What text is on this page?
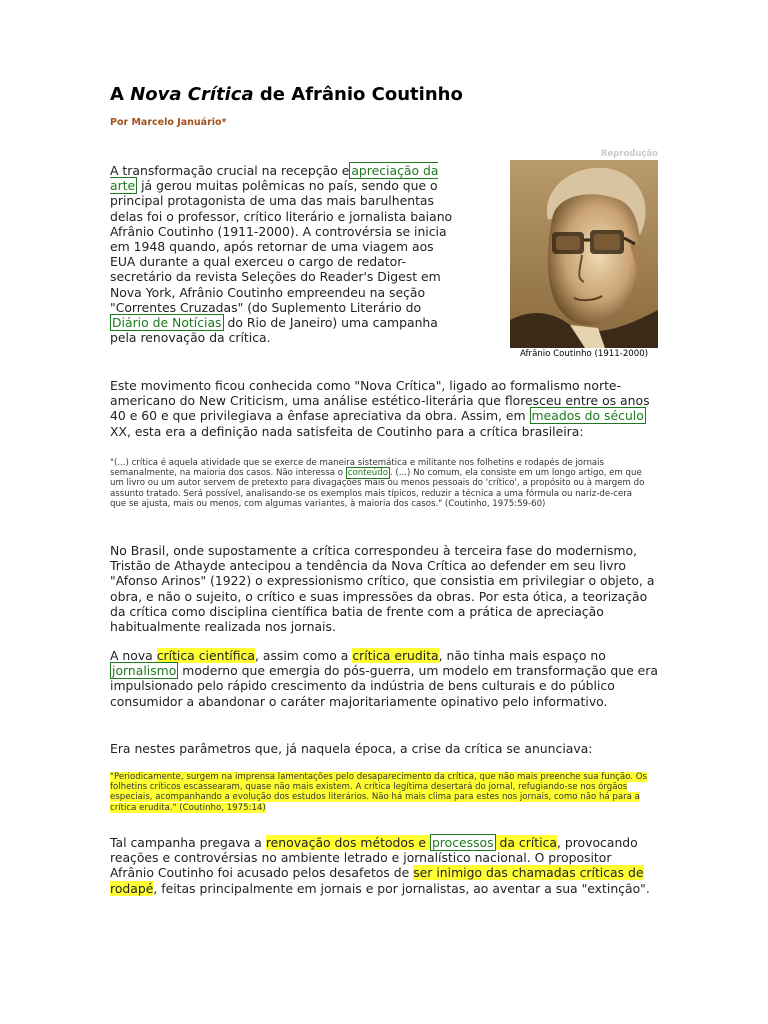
A Nova Crítica de Afrânio Coutinho
Por Marcelo Januário*
Reprodução
Afrânio Coutinho (1911-2000)

A transformação crucial na recepção e apreciação da arte já gerou muitas polêmicas no país, sendo que o principal protagonista de uma das mais barulhentas delas foi o professor, crítico literário e jornalista baiano Afrânio Coutinho (1911-2000). A controvérsia se inicia em 1948 quando, após retornar de uma viagem aos EUA durante a qual exerceu o cargo de redator-secretário da revista Seleções do Reader's Digest em Nova York, Afrânio Coutinho empreendeu na seção "Correntes Cruzadas" (do Suplemento Literário do Diário de Notícias do Rio de Janeiro) uma campanha pela renovação da crítica.

Este movimento ficou conhecida como "Nova Crítica", ligado ao formalismo norte-americano do New Criticism, uma análise estético-literária que floresceu entre os anos 40 e 60 e que privilegiava a ênfase apreciativa da obra. Assim, em meados do século XX, esta era a definição nada satisfeita de Coutinho para a crítica brasileira:

"(...) crítica é aquela atividade que se exerce de maneira sistemática e militante nos folhetins e rodapés de jornais semanalmente, na maioria dos casos. Não interessa o conteúdo . (...) No comum, ela consiste em um longo artigo, em que um livro ou um autor servem de pretexto para divagações mais ou menos pessoais do 'crítico', a propósito ou à margem do assunto tratado. Será possível, analisando-se os exemplos mais típicos, reduzir a técnica a uma fórmula ou nariz-de-cera que se ajusta, mais ou menos, com algumas variantes, à maioria dos casos." (Coutinho, 1975:59-60)

No Brasil, onde supostamente a crítica correspondeu à terceira fase do modernismo, Tristão de Athayde antecipou a tendência da Nova Crítica ao defender em seu livro "Afonso Arinos" (1922) o expressionismo crítico, que consistia em privilegiar o objeto, a obra, e não o sujeito, o crítico e suas impressões da obras. Por esta ótica, a teorização da crítica como disciplina científica batia de frente com a prática de apreciação habitualmente realizada nos jornais.

A nova crítica científica, assim como a crítica erudita, não tinha mais espaço no jornalismo moderno que emergia do pós-guerra, um modelo em transformação que era impulsionado pelo rápido crescimento da indústria de bens culturais e do público consumidor a abandonar o caráter majoritariamente opinativo pelo informativo.

Era nestes parâmetros que, já naquela época, a crise da crítica se anunciava:

"Periodicamente, surgem na imprensa lamentações pelo desaparecimento da crítica, que não mais preenche sua função. Os folhetins críticos escassearam, quase não mais existem. A crítica legítima desertará do jornal, refugiando-se nos órgãos especiais, acompanhando a evolução dos estudos literários. Não há mais clima para estes nos jornais, como não há para a crítica erudita." (Coutinho, 1975:14)

Tal campanha pregava a renovação dos métodos e processos da crítica, provocando reações e controvérsias no ambiente letrado e jornalístico nacional. O propositor Afrânio Coutinho foi acusado pelos desafetos de ser inimigo das chamadas críticas de rodapé, feitas principalmente em jornais e por jornalistas, ao aventar a sua "extinção".
